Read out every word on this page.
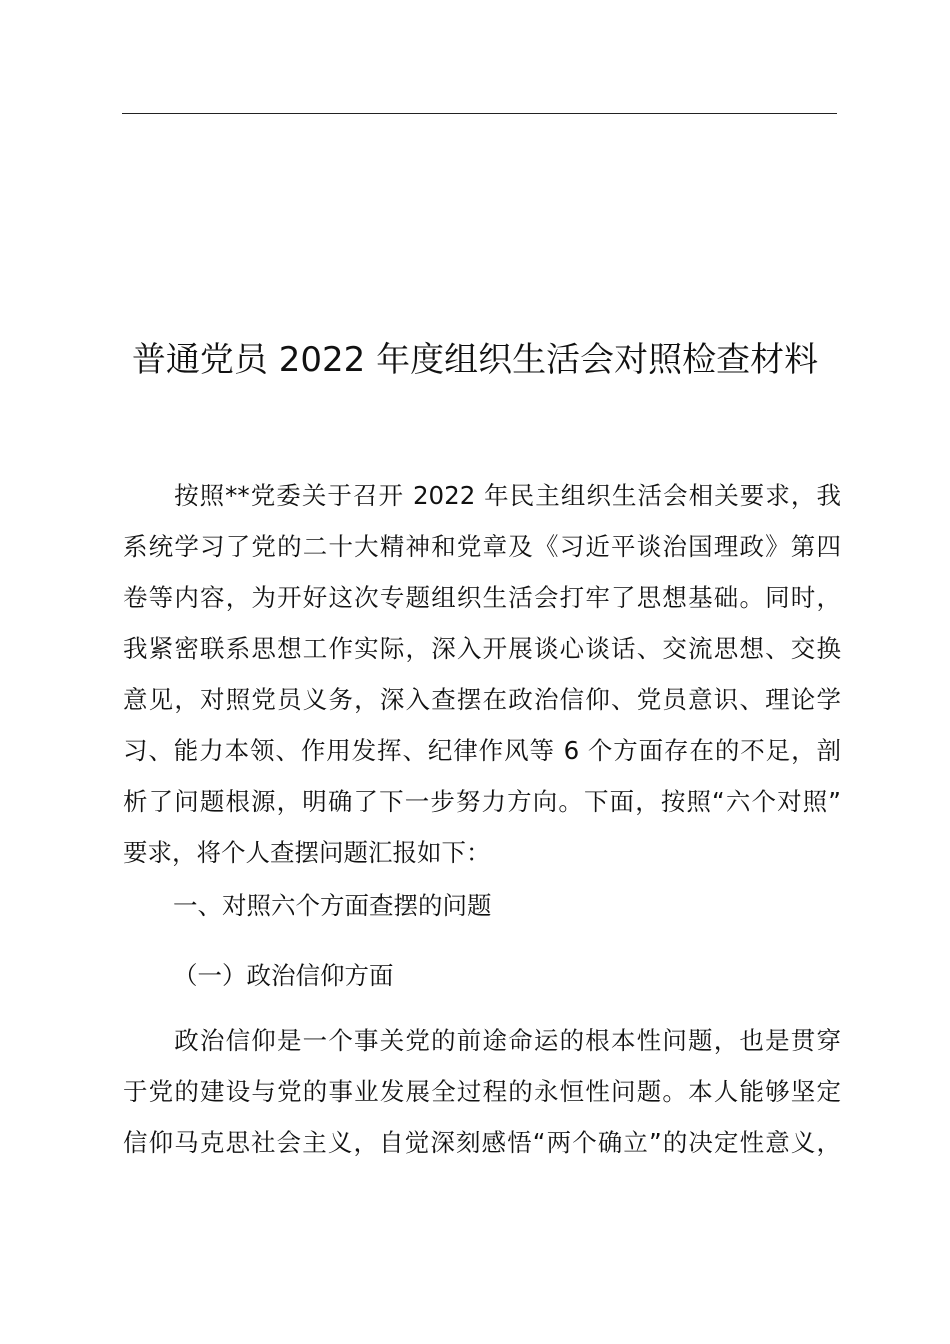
普通党员 2022 年度组织生活会对照检查材料
按照**党委关于召开 2022 年民主组织生活会相关要求，我
系统学习了党的二十大精神和党章及《习近平谈治国理政》第四
卷等内容，为开好这次专题组织生活会打牢了思想基础。同时，
我紧密联系思想工作实际，深入开展谈心谈话、交流思想、交换
意见，对照党员义务，深入查摆在政治信仰、党员意识、理论学
习、能力本领、作用发挥、纪律作风等 6 个方面存在的不足，剖
析了问题根源，明确了下一步努力方向。下面，按照“六个对照”
要求，将个人查摆问题汇报如下：
一、对照六个方面查摆的问题
（一）政治信仰方面
政治信仰是一个事关党的前途命运的根本性问题，也是贯穿
于党的建设与党的事业发展全过程的永恒性问题。本人能够坚定
信仰马克思社会主义，自觉深刻感悟“两个确立”的决定性意义，
